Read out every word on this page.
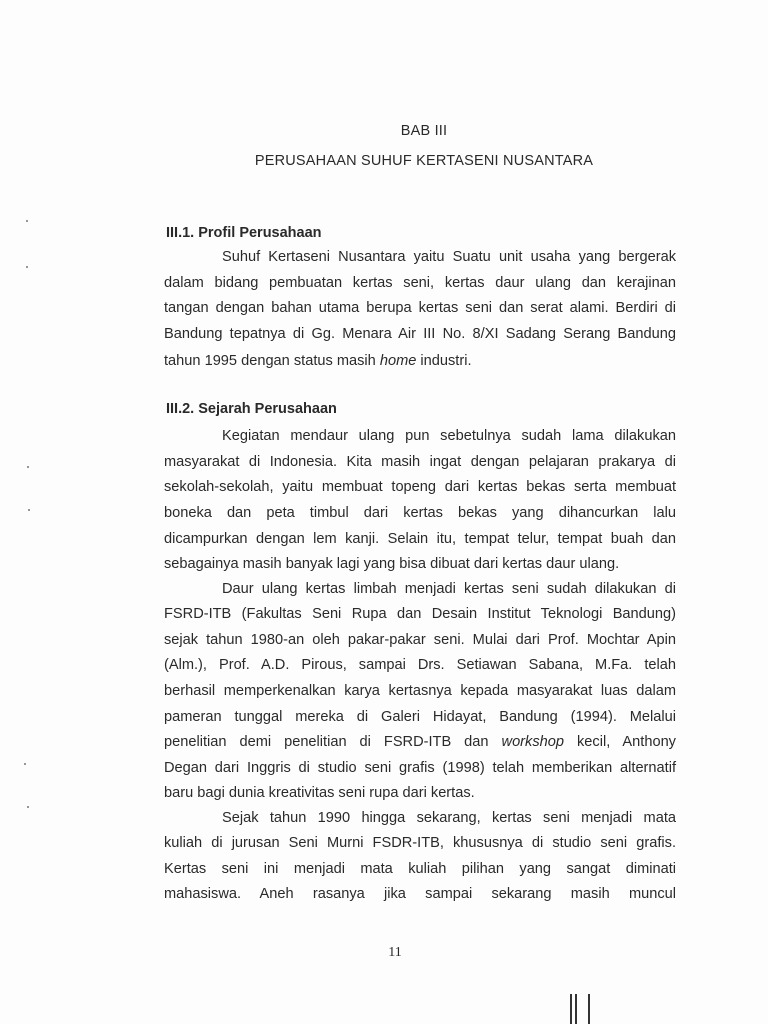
BAB III
PERUSAHAAN SUHUF KERTASENI NUSANTARA
III.1. Profil Perusahaan
Suhuf Kertaseni Nusantara yaitu Suatu unit usaha yang bergerak
dalam bidang pembuatan kertas seni, kertas daur ulang dan kerajinan
tangan dengan bahan utama berupa kertas seni dan serat alami. Berdiri di
Bandung tepatnya di Gg. Menara Air III No. 8/XI Sadang Serang Bandung
tahun 1995 dengan status masih home industri.
III.2. Sejarah Perusahaan
Kegiatan mendaur ulang pun sebetulnya sudah lama dilakukan
masyarakat di Indonesia. Kita masih ingat dengan pelajaran prakarya di
sekolah-sekolah, yaitu membuat topeng dari kertas bekas serta membuat
boneka dan peta timbul dari kertas bekas yang dihancurkan lalu
dicampurkan dengan lem kanji. Selain itu, tempat telur, tempat buah dan
sebagainya masih banyak lagi yang bisa dibuat dari kertas daur ulang.
Daur ulang kertas limbah menjadi kertas seni sudah dilakukan di
FSRD-ITB (Fakultas Seni Rupa dan Desain Institut Teknologi Bandung)
sejak tahun 1980-an oleh pakar-pakar seni. Mulai dari Prof. Mochtar Apin
(Alm.), Prof. A.D. Pirous, sampai Drs. Setiawan Sabana, M.Fa. telah
berhasil memperkenalkan karya kertasnya kepada masyarakat luas dalam
pameran tunggal mereka di Galeri Hidayat, Bandung (1994). Melalui
penelitian demi penelitian di FSRD-ITB dan workshop kecil, Anthony
Degan dari Inggris di studio seni grafis (1998) telah memberikan alternatif
baru bagi dunia kreativitas seni rupa dari kertas.
Sejak tahun 1990 hingga sekarang, kertas seni menjadi mata
kuliah di jurusan Seni Murni FSDR-ITB, khususnya di studio seni grafis.
Kertas seni ini menjadi mata kuliah pilihan yang sangat diminati
mahasiswa. Aneh rasanya jika sampai sekarang masih muncul
11
